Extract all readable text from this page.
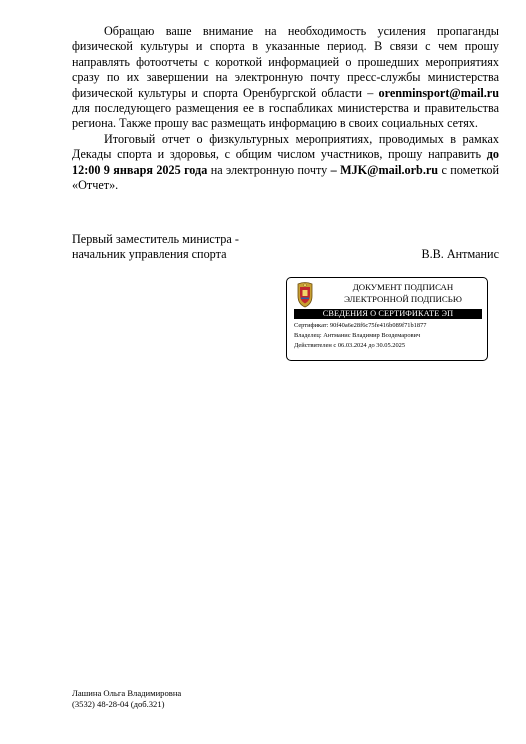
Обращаю ваше внимание на необходимость усиления пропаганды физической культуры и спорта в указанные период. В связи с чем прошу направлять фотоотчеты с короткой информацией о прошедших мероприятиях сразу по их завершении на электронную почту пресс-службы министерства физической культуры и спорта Оренбургской области – orenminsport@mail.ru для последующего размещения ее в госпабликах министерства и правительства региона. Также прошу вас размещать информацию в своих социальных сетях.

Итоговый отчет о физкультурных мероприятиях, проводимых в рамках Декады спорта и здоровья, с общим числом участников, прошу направить до 12:00 9 января 2025 года на электронную почту – MJK@mail.orb.ru с пометкой «Отчет».

Первый заместитель министра -
начальник управления спорта	В.В. Антманис
ДОКУМЕНТ ПОДПИСАН
ЭЛЕКТРОННОЙ ПОДПИСЬЮ
СВЕДЕНИЯ О СЕРТИФИКАТЕ ЭП
Сертификат: 90f40a6e28f6c75fe416b089f71b1877
Владелец: Антманис Владимир Воздемарович
Действителен с 06.03.2024 до 30.05.2025
Лашина Ольга Владимировна
(3532) 48-28-04 (доб.321)
